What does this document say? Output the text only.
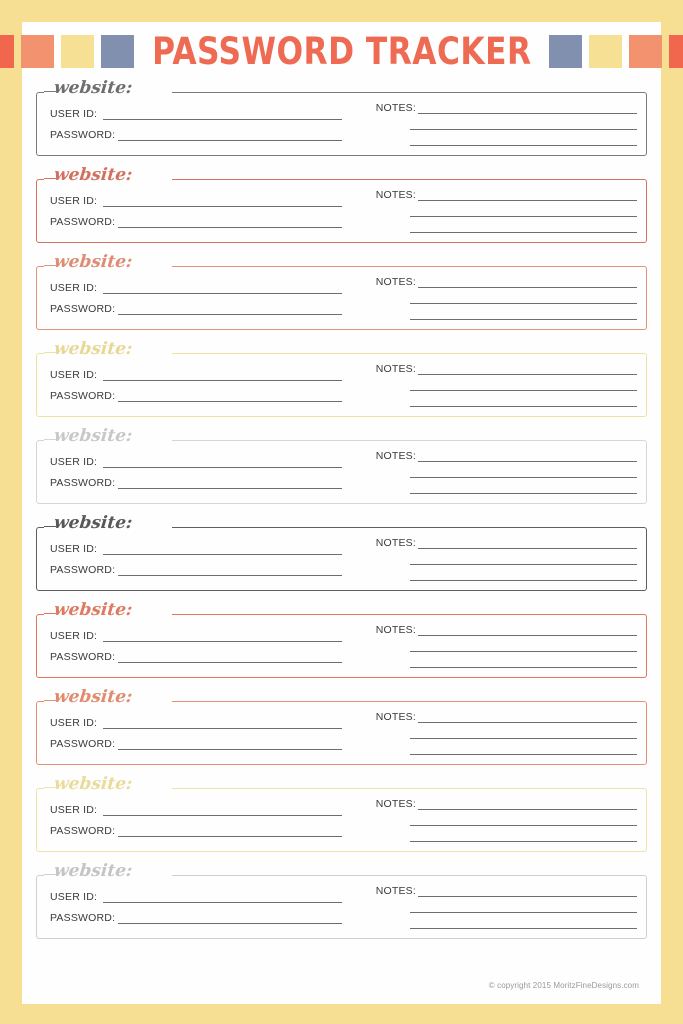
PASSWORD TRACKER
website:
USER ID:
PASSWORD:
NOTES:
website:
USER ID:
PASSWORD:
NOTES:
website:
USER ID:
PASSWORD:
NOTES:
website:
USER ID:
PASSWORD:
NOTES:
website:
USER ID:
PASSWORD:
NOTES:
website:
USER ID:
PASSWORD:
NOTES:
website:
USER ID:
PASSWORD:
NOTES:
website:
USER ID:
PASSWORD:
NOTES:
website:
USER ID:
PASSWORD:
NOTES:
website:
USER ID:
PASSWORD:
NOTES:
© copyright 2015 MoritzFineDesigns.com
